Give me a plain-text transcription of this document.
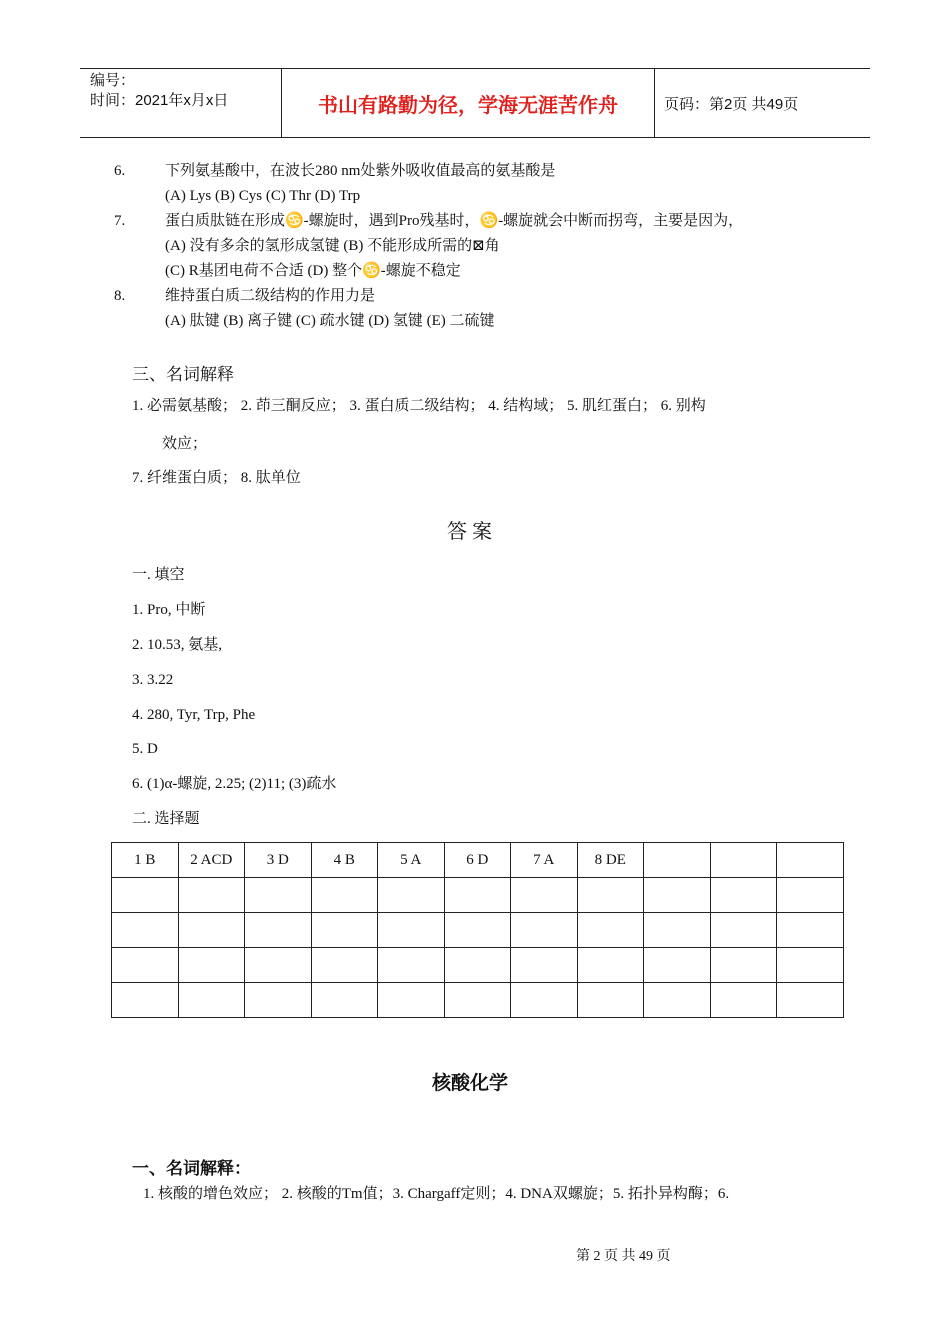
编号：
时间：2021年x月x日	书山有路勤为径，学海无涯苦作舟	页码：第2页 共49页
6.	下列氨基酸中，在波长280 nm处紫外吸收值最高的氨基酸是
(A) Lys (B) Cys (C) Thr (D) Trp
7.	蛋白质肽链在形成♋-螺旋时，遇到Pro残基时，♋-螺旋就会中断而拐弯，主要是因为，
(A) 没有多余的氢形成氢键 (B) 不能形成所需的⊠角
(C) R基团电荷不合适 (D) 整个♋-螺旋不稳定
8.	维持蛋白质二级结构的作用力是
(A) 肽键 (B) 离子键 (C) 疏水键 (D) 氢键 (E) 二硫键
三、名词解释
1. 必需氨基酸； 2. 茚三酮反应； 3. 蛋白质二级结构； 4. 结构域； 5. 肌红蛋白； 6. 别构
效应；
7. 纤维蛋白质； 8. 肽单位
答 案
一. 填空
1. Pro, 中断
2. 10.53, 氨基,
3. 3.22
4. 280, Tyr, Trp, Phe
5. D
6. (1)α-螺旋, 2.25; (2)11; (3)疏水
二. 选择题
1 B	2 ACD	3 D	4 B	5 A	6 D	7 A	8 DE			

核酸化学
一、名词解释：
1. 核酸的增色效应； 2. 核酸的Tm值；3. Chargaff定则；4. DNA双螺旋；5. 拓扑异构酶；6.
第 2 页 共 49 页
